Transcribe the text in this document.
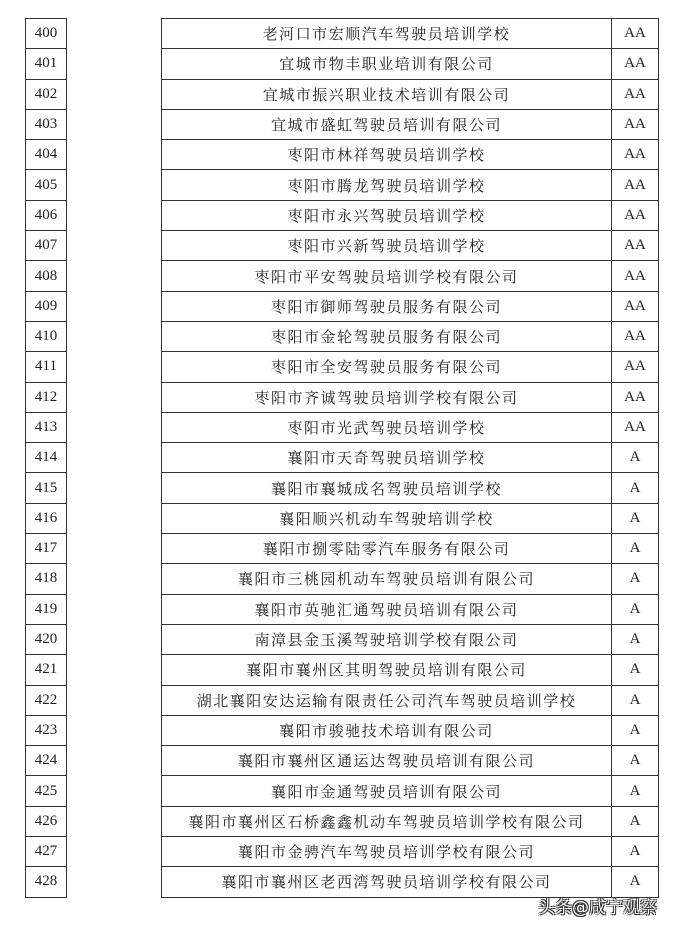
400		老河口市宏顺汽车驾驶员培训学校	AA
401		宜城市物丰职业培训有限公司	AA
402		宜城市振兴职业技术培训有限公司	AA
403		宜城市盛虹驾驶员培训有限公司	AA
404		枣阳市林祥驾驶员培训学校	AA
405		枣阳市腾龙驾驶员培训学校	AA
406		枣阳市永兴驾驶员培训学校	AA
407		枣阳市兴新驾驶员培训学校	AA
408		枣阳市平安驾驶员培训学校有限公司	AA
409		枣阳市御师驾驶员服务有限公司	AA
410		枣阳市金轮驾驶员服务有限公司	AA
411		枣阳市全安驾驶员服务有限公司	AA
412		枣阳市齐诚驾驶员培训学校有限公司	AA
413		枣阳市光武驾驶员培训学校	AA
414		襄阳市天奇驾驶员培训学校	A
415		襄阳市襄城成名驾驶员培训学校	A
416		襄阳顺兴机动车驾驶培训学校	A
417		襄阳市捌零陆零汽车服务有限公司	A
418		襄阳市三桃园机动车驾驶员培训有限公司	A
419		襄阳市英驰汇通驾驶员培训有限公司	A
420		南漳县金玉溪驾驶培训学校有限公司	A
421		襄阳市襄州区其明驾驶员培训有限公司	A
422		湖北襄阳安达运输有限责任公司汽车驾驶员培训学校	A
423		襄阳市骏驰技术培训有限公司	A
424		襄阳市襄州区通运达驾驶员培训有限公司	A
425		襄阳市金通驾驶员培训有限公司	A
426		襄阳市襄州区石桥鑫鑫机动车驾驶员培训学校有限公司	A
427		襄阳市金骋汽车驾驶员培训学校有限公司	A
428		襄阳市襄州区老西湾驾驶员培训学校有限公司	A
头条@咸宁观察
